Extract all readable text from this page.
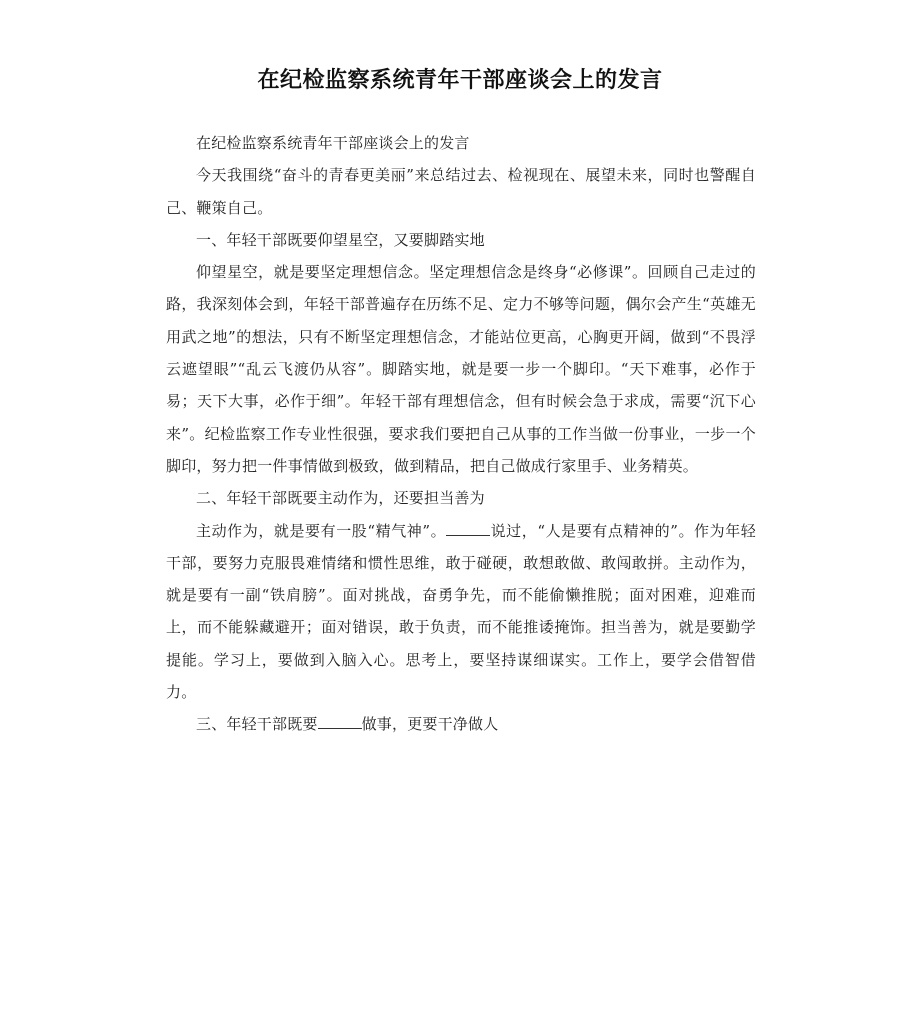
在纪检监察系统青年干部座谈会上的发言

在纪检监察系统青年干部座谈会上的发言

今天我围绕“奋斗的青春更美丽”来总结过去、检视现在、展望未来，同时也警醒自己、鞭策自己。

一、年轻干部既要仰望星空，又要脚踏实地

仰望星空，就是要坚定理想信念。坚定理想信念是终身“必修课”。回顾自己走过的路，我深刻体会到，年轻干部普遍存在历练不足、定力不够等问题，偶尔会产生“英雄无用武之地”的想法，只有不断坚定理想信念，才能站位更高，心胸更开阔，做到“不畏浮云遮望眼”“乱云飞渡仍从容”。脚踏实地，就是要一步一个脚印。“天下难事，必作于易；天下大事，必作于细”。年轻干部有理想信念，但有时候会急于求成，需要“沉下心来”。纪检监察工作专业性很强，要求我们要把自己从事的工作当做一份事业，一步一个脚印，努力把一件事情做到极致，做到精品，把自己做成行家里手、业务精英。

二、年轻干部既要主动作为，还要担当善为

主动作为，就是要有一股“精气神”。	说过，“人是要有点精神的”。作为年轻干部，要努力克服畏难情绪和惯性思维，敢于碰硬，敢想敢做、敢闯敢拼。主动作为，就是要有一副“铁肩膀”。面对挑战，奋勇争先，而不能偷懒推脱；面对困难，迎难而上，而不能躲藏避开；面对错误，敢于负责，而不能推诿掩饰。担当善为，就是要勤学提能。学习上，要做到入脑入心。思考上，要坚持谋细谋实。工作上，要学会借智借力。

三、年轻干部既要	做事，更要干净做人
